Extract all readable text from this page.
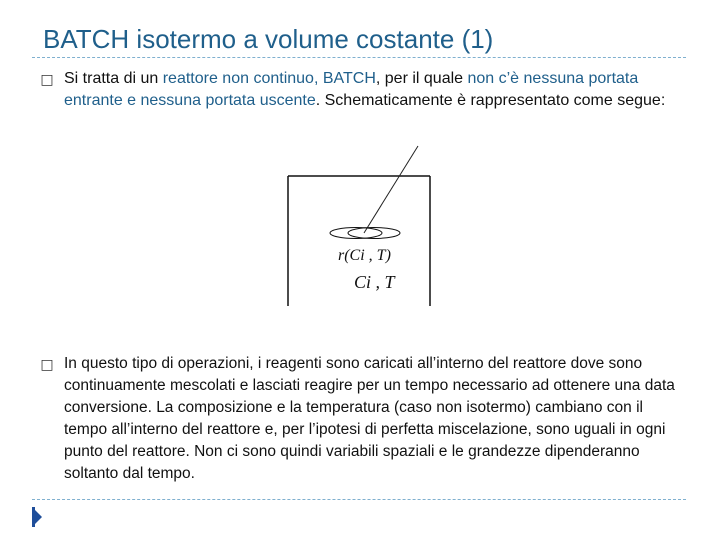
BATCH isotermo a volume costante (1)
□ Si tratta di un reattore non continuo, BATCH, per il quale non c’è nessuna portata entrante e nessuna portata uscente. Schematicamente è rappresentato come segue:
r(Ci , T)
Ci , T
□ In questo tipo di operazioni, i reagenti sono caricati all’interno del reattore dove sono continuamente mescolati e lasciati reagire per un tempo necessario ad ottenere una data conversione. La composizione e la temperatura (caso non isotermo) cambiano con il tempo all’interno del reattore e, per l’ipotesi di perfetta miscelazione, sono uguali in ogni punto del reattore. Non ci sono quindi variabili spaziali e le grandezze dipenderanno soltanto dal tempo.
